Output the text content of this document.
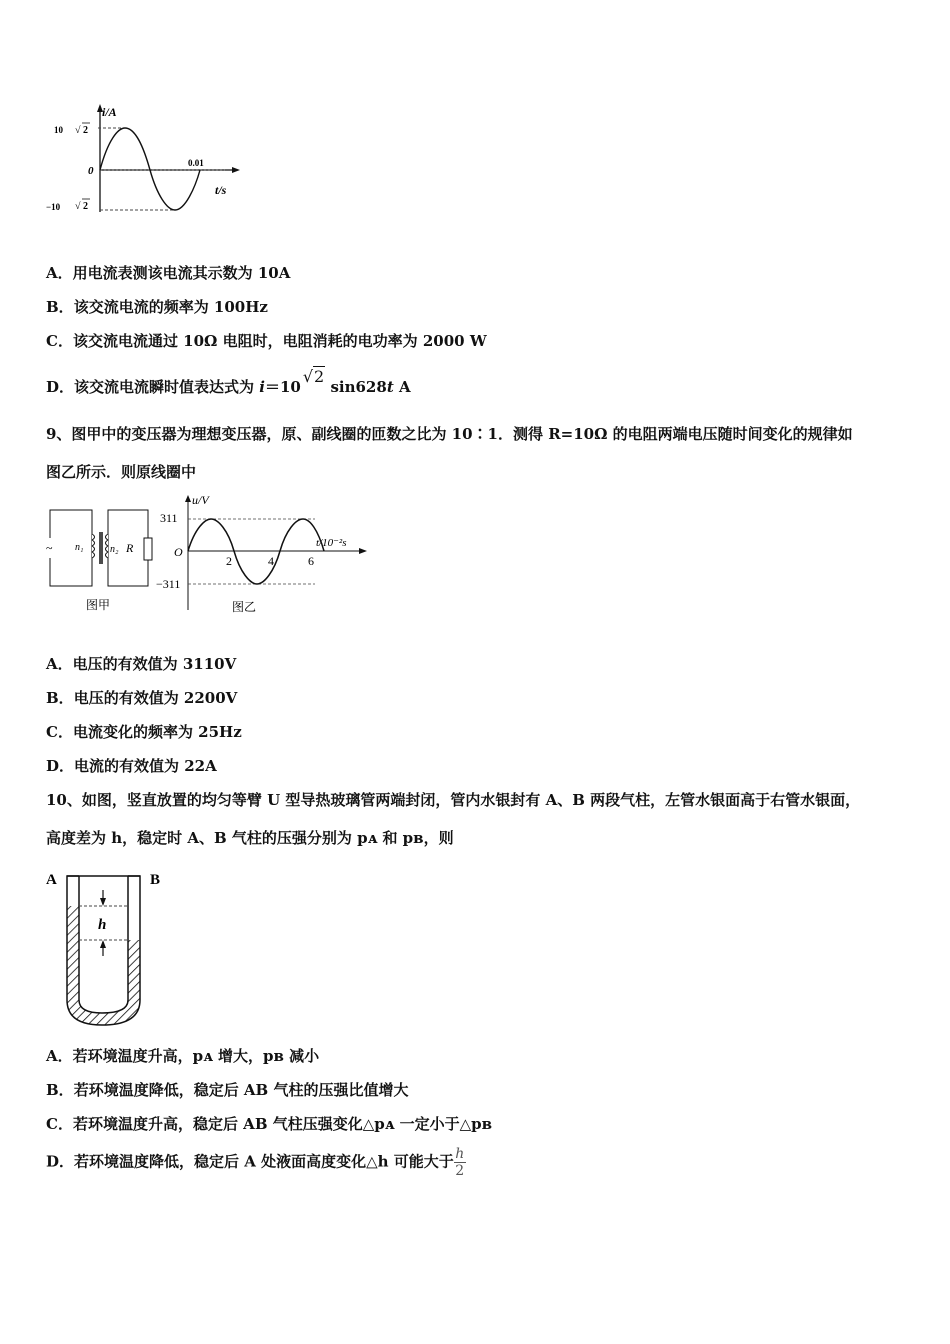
i/A
10 √ 2
0
0.01
−10 √ 2
t/s
A．用电流表测该电流其示数为 10A
B．该交流电流的频率为 100Hz
C．该交流电流通过 10Ω 电阻时，电阻消耗的电功率为 2000 W
D．该交流电流瞬时值表达式为 i＝10√2 sin628t A
9、图甲中的变压器为理想变压器，原、副线圈的匝数之比为 10∶1．测得 R=10Ω 的电阻两端电压随时间变化的规律如
图乙所示．则原线圈中
~ n₁	n₂ R
图甲
u/V
311
O
−311
2	4	6
t/10⁻²s
图乙
A．电压的有效值为 3110V
B．电压的有效值为 2200V
C．电流变化的频率为 25Hz
D．电流的有效值为 22A
10、如图，竖直放置的均匀等臂 U 型导热玻璃管两端封闭，管内水银封有 A、B 两段气柱，左管水银面高于右管水银面，
高度差为 h，稳定时 A、B 气柱的压强分别为 pᴀ 和 pʙ，则
A	B
h
A．若环境温度升高，pᴀ 增大，pʙ 减小
B．若环境温度降低，稳定后 AB 气柱的压强比值增大
C．若环境温度升高，稳定后 AB 气柱压强变化△pᴀ 一定小于△pʙ
D．若环境温度降低，稳定后 A 处液面高度变化△h 可能大于 $\frac{h}{2}$
